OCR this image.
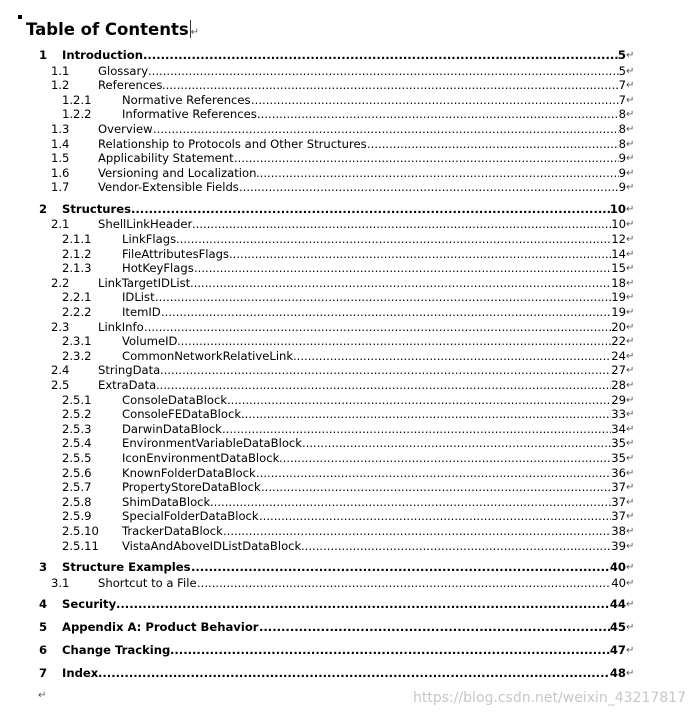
Table of Contents ↵
1 Introduction .....	5 ↵
1.1 Glossary .....	5 ↵
1.2 References .....	7 ↵
1.2.1	Normative References .....	7 ↵
1.2.2	Informative References .....	8 ↵
1.3 Overview .....	8 ↵
1.4 Relationship to Protocols and Other Structures .....	8 ↵
1.5 Applicability Statement .....	9 ↵
1.6 Versioning and Localization .....	9 ↵
1.7 Vendor-Extensible Fields .....	9 ↵
2 Structures .....	10 ↵
2.1 ShellLinkHeader .....	10 ↵
2.1.1	LinkFlags .....	12 ↵
2.1.2	FileAttributesFlags .....	14 ↵
2.1.3	HotKeyFlags .....	15 ↵
2.2 LinkTargetIDList .....	18 ↵
2.2.1	IDList .....	19 ↵
2.2.2	ItemID .....	19 ↵
2.3 LinkInfo .....	20 ↵
2.3.1	VolumeID .....	22 ↵
2.3.2	CommonNetworkRelativeLink .....	24 ↵
2.4 StringData .....	27 ↵
2.5 ExtraData .....	28 ↵
2.5.1	ConsoleDataBlock .....	29 ↵
2.5.2	ConsoleFEDataBlock .....	33 ↵
2.5.3	DarwinDataBlock .....	34 ↵
2.5.4	EnvironmentVariableDataBlock .....	35 ↵
2.5.5	IconEnvironmentDataBlock .....	35 ↵
2.5.6	KnownFolderDataBlock .....	36 ↵
2.5.7	PropertyStoreDataBlock .....	37 ↵
2.5.8	ShimDataBlock .....	37 ↵
2.5.9	SpecialFolderDataBlock .....	37 ↵
2.5.10 TrackerDataBlock .....	38 ↵
2.5.11 VistaAndAboveIDListDataBlock .....	39 ↵
3 Structure Examples .....	40 ↵
3.1 Shortcut to a File .....	40 ↵
4 Security .....	44 ↵
5 Appendix A: Product Behavior .....	45 ↵
6 Change Tracking .....	47 ↵
7 Index .....	48 ↵
↵	https://blog.csdn.net/weixin_43217817
